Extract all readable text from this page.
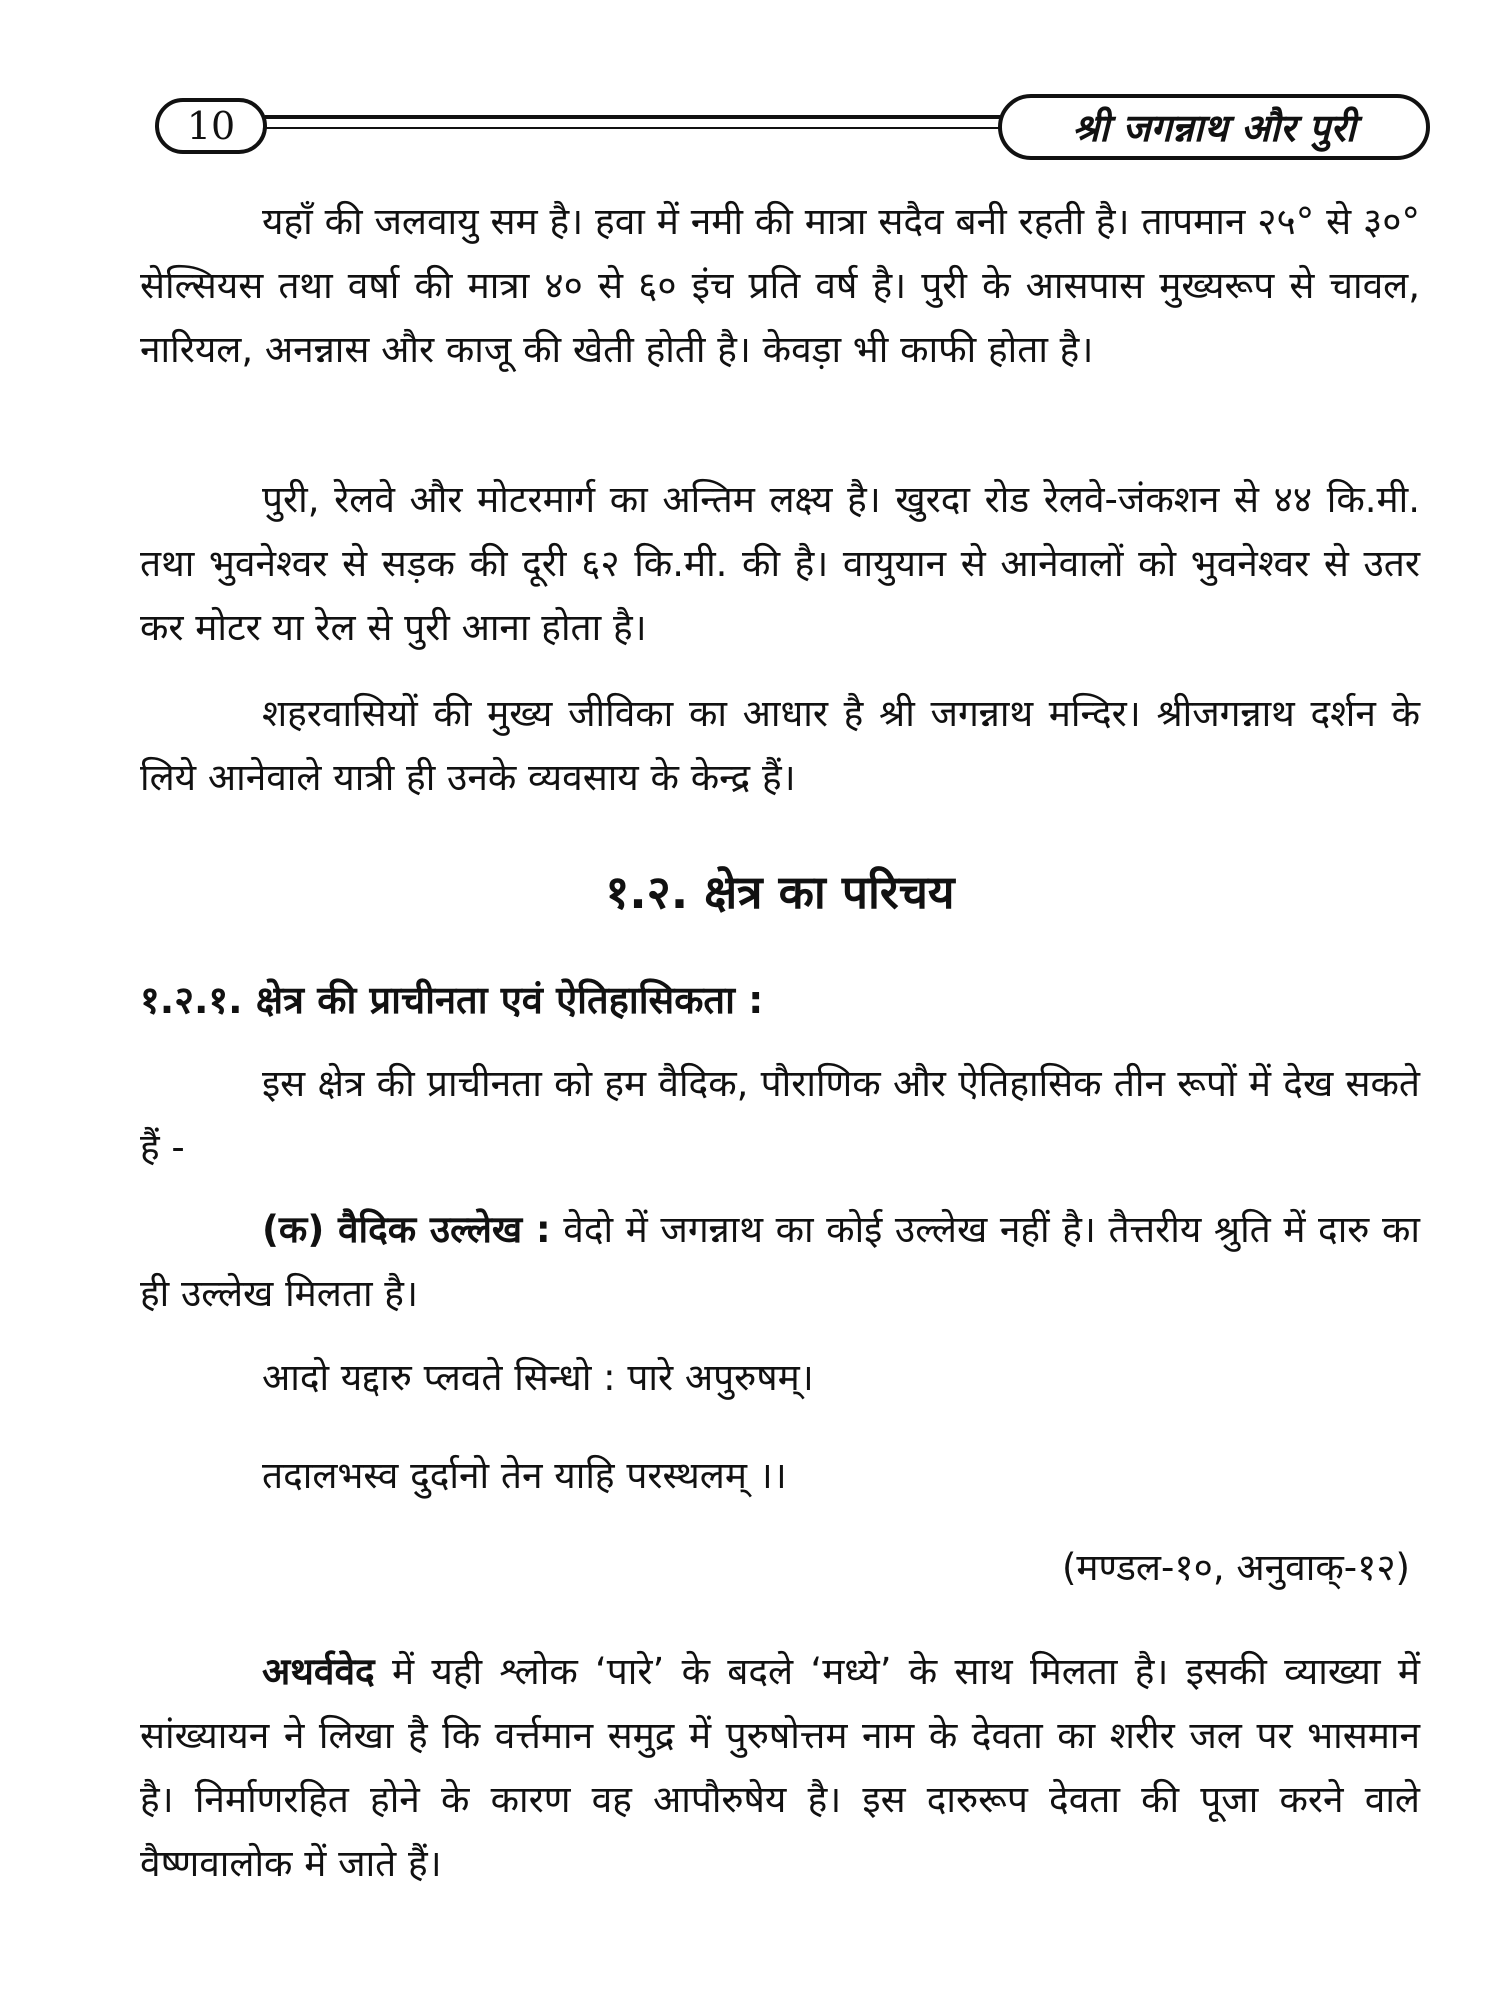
10	श्री जगन्नाथ और पुरी

यहाँ की जलवायु सम है। हवा में नमी की मात्रा सदैव बनी रहती है। तापमान २५° से ३०° सेल्सियस तथा वर्षा की मात्रा ४० से ६० इंच प्रति वर्ष है। पुरी के आसपास मुख्यरूप से चावल, नारियल, अनन्नास और काजू की खेती होती है। केवड़ा भी काफी होता है।

पुरी, रेलवे और मोटरमार्ग का अन्तिम लक्ष्य है। खुरदा रोड रेलवे-जंकशन से ४४ कि.मी. तथा भुवनेश्वर से सड़क की दूरी ६२ कि.मी. की है। वायुयान से आनेवालों को भुवनेश्वर से उतर कर मोटर या रेल से पुरी आना होता है।

शहरवासियों की मुख्य जीविका का आधार है श्री जगन्नाथ मन्दिर। श्रीजगन्नाथ दर्शन के लिये आनेवाले यात्री ही उनके व्यवसाय के केन्द्र हैं।

१.२. क्षेत्र का परिचय
१.२.१. क्षेत्र की प्राचीनता एवं ऐतिहासिकता :

इस क्षेत्र की प्राचीनता को हम वैदिक, पौराणिक और ऐतिहासिक तीन रूपों में देख सकते हैं -

(क) वैदिक उल्लेख : वेदो में जगन्नाथ का कोई उल्लेख नहीं है। तैत्तरीय श्रुति में दारु का ही उल्लेख मिलता है।

आदो यद्दारु प्लवते सिन्धो : पारे अपुरुषम्।

तदालभस्व दुर्दानो तेन याहि परस्थलम् ।।

(मण्डल-१०, अनुवाक्-१२)

अथर्ववेद में यही श्लोक ‘पारे’ के बदले ‘मध्ये’ के साथ मिलता है। इसकी व्याख्या में सांख्यायन ने लिखा है कि वर्त्तमान समुद्र में पुरुषोत्तम नाम के देवता का शरीर जल पर भासमान है। निर्माणरहित होने के कारण वह आपौरुषेय है। इस दारुरूप देवता की पूजा करने वाले वैष्णवालोक में जाते हैं।
